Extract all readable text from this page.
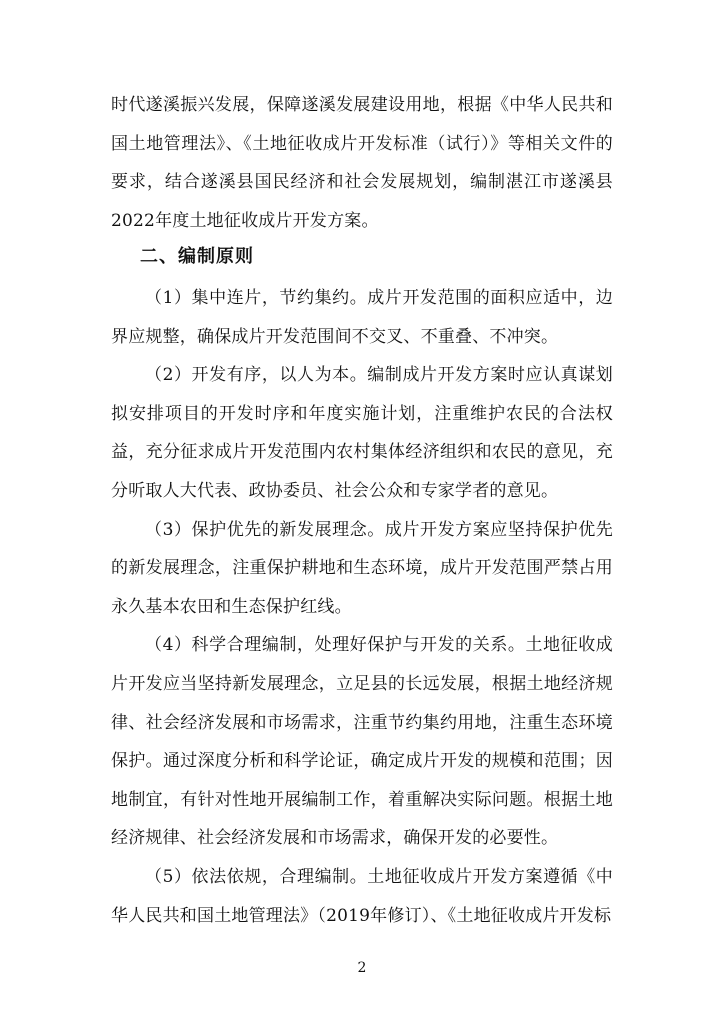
时代遂溪振兴发展，保障遂溪发展建设用地，根据《中华人民共和国土地管理法》、《土地征收成片开发标准（试行）》等相关文件的要求，结合遂溪县国民经济和社会发展规划，编制湛江市遂溪县2022年度土地征收成片开发方案。
二、编制原则

（1）集中连片，节约集约。成片开发范围的面积应适中，边界应规整，确保成片开发范围间不交叉、不重叠、不冲突。

（2）开发有序，以人为本。编制成片开发方案时应认真谋划拟安排项目的开发时序和年度实施计划，注重维护农民的合法权益，充分征求成片开发范围内农村集体经济组织和农民的意见，充分听取人大代表、政协委员、社会公众和专家学者的意见。

（3）保护优先的新发展理念。成片开发方案应坚持保护优先的新发展理念，注重保护耕地和生态环境，成片开发范围严禁占用永久基本农田和生态保护红线。

（4）科学合理编制，处理好保护与开发的关系。土地征收成片开发应当坚持新发展理念，立足县的长远发展，根据土地经济规律、社会经济发展和市场需求，注重节约集约用地，注重生态环境保护。通过深度分析和科学论证，确定成片开发的规模和范围；因地制宜，有针对性地开展编制工作，着重解决实际问题。根据土地经济规律、社会经济发展和市场需求，确保开发的必要性。

（5）依法依规，合理编制。土地征收成片开发方案遵循《中华人民共和国土地管理法》（2019年修订）、《土地征收成片开发标

2
